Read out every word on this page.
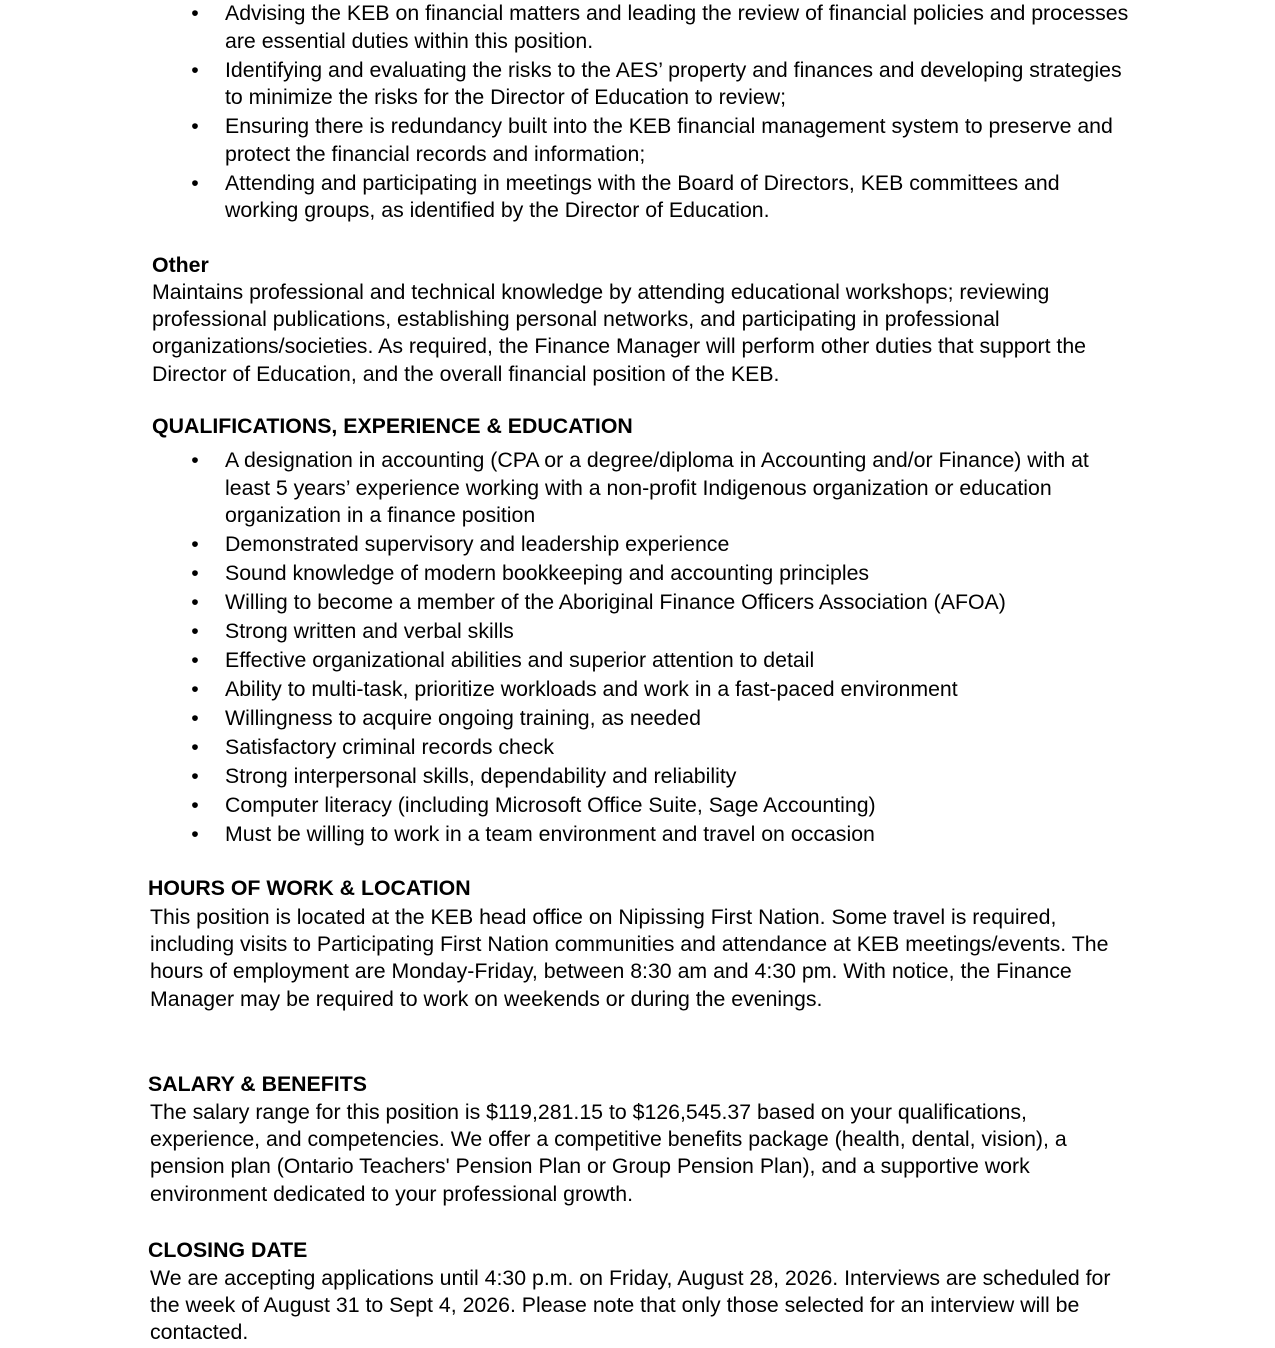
• Advising the KEB on financial matters and leading the review of financial policies and processes are essential duties within this position.
• Identifying and evaluating the risks to the AES’ property and finances and developing strategies to minimize the risks for the Director of Education to review;
• Ensuring there is redundancy built into the KEB financial management system to preserve and protect the financial records and information;
• Attending and participating in meetings with the Board of Directors, KEB committees and working groups, as identified by the Director of Education.
Other
Maintains professional and technical knowledge by attending educational workshops; reviewing professional publications, establishing personal networks, and participating in professional organizations/societies. As required, the Finance Manager will perform other duties that support the Director of Education, and the overall financial position of the KEB.
QUALIFICATIONS, EXPERIENCE & EDUCATION
• A designation in accounting (CPA or a degree/diploma in Accounting and/or Finance) with at least 5 years’ experience working with a non-profit Indigenous organization or education organization in a finance position
• Demonstrated supervisory and leadership experience
• Sound knowledge of modern bookkeeping and accounting principles
• Willing to become a member of the Aboriginal Finance Officers Association (AFOA)
• Strong written and verbal skills
• Effective organizational abilities and superior attention to detail
• Ability to multi-task, prioritize workloads and work in a fast-paced environment
• Willingness to acquire ongoing training, as needed
• Satisfactory criminal records check
• Strong interpersonal skills, dependability and reliability
• Computer literacy (including Microsoft Office Suite, Sage Accounting)
• Must be willing to work in a team environment and travel on occasion
HOURS OF WORK & LOCATION
This position is located at the KEB head office on Nipissing First Nation. Some travel is required, including visits to Participating First Nation communities and attendance at KEB meetings/events. The hours of employment are Monday-Friday, between 8:30 am and 4:30 pm. With notice, the Finance Manager may be required to work on weekends or during the evenings.
SALARY & BENEFITS
The salary range for this position is $119,281.15 to $126,545.37 based on your qualifications, experience, and competencies. We offer a competitive benefits package (health, dental, vision), a pension plan (Ontario Teachers' Pension Plan or Group Pension Plan), and a supportive work environment dedicated to your professional growth.
CLOSING DATE
We are accepting applications until 4:30 p.m. on Friday, August 28, 2026. Interviews are scheduled for the week of August 31 to Sept 4, 2026. Please note that only those selected for an interview will be contacted.
